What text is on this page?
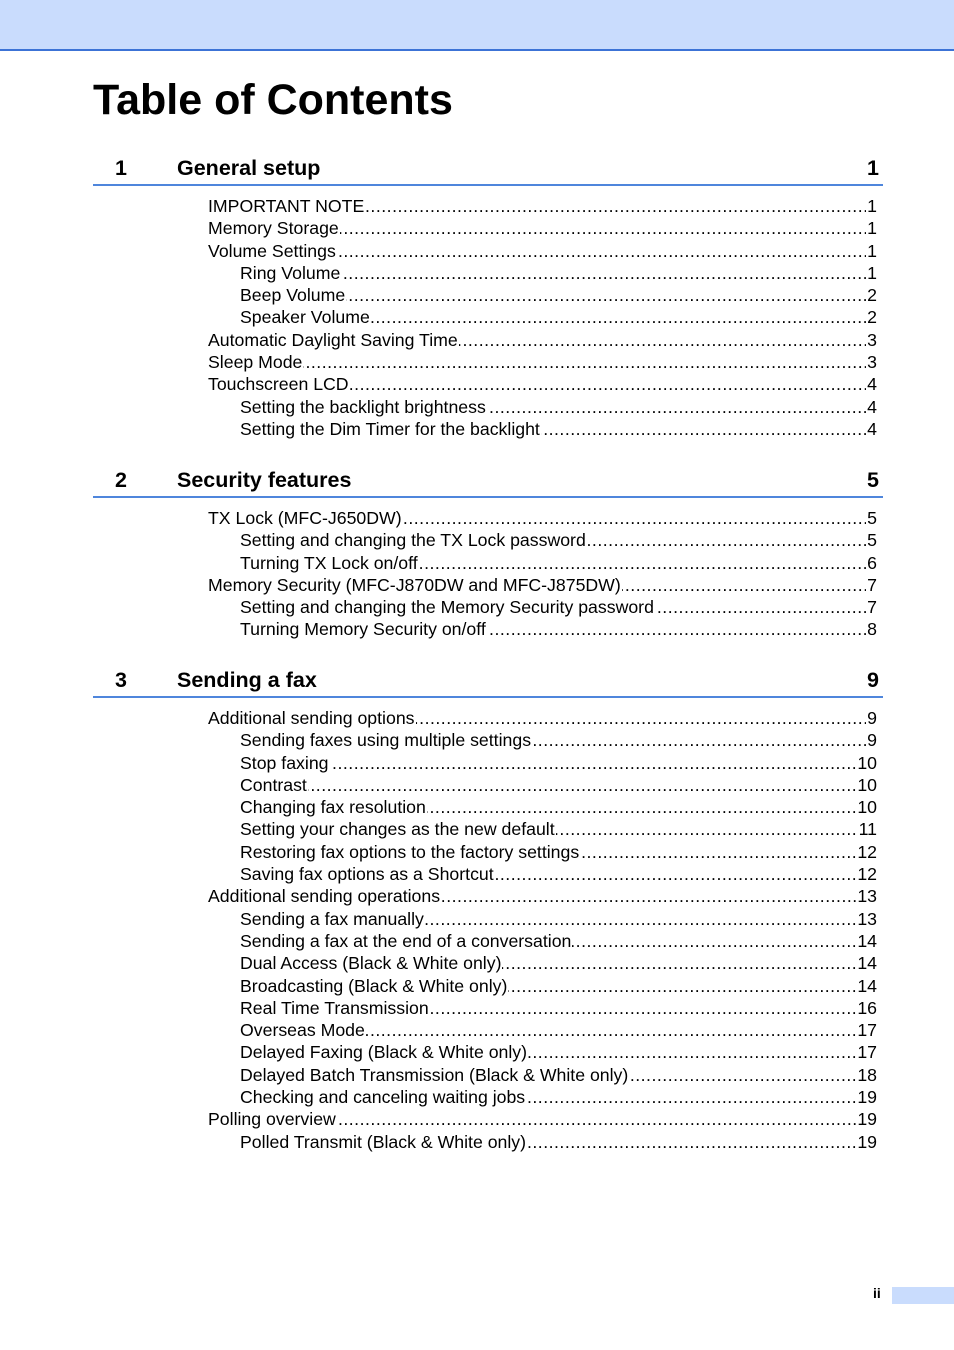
Table of Contents
1 General setup	1
.....
IMPORTANT NOTE	1
.....
Memory Storage	1
.....
Volume Settings	1
.....
Ring Volume	1
.....
Beep Volume	2
.....
Speaker Volume	2
.....
Automatic Daylight Saving Time	3
.....
Sleep Mode	3
.....
Touchscreen LCD	4
.....
Setting the backlight brightness	4
.....
Setting the Dim Timer for the backlight	4
2 Security features	5
.....
TX Lock (MFC-J650DW)	5
.....
Setting and changing the TX Lock password	5
.....
Turning TX Lock on/off	6
.....
Memory Security (MFC-J870DW and MFC-J875DW)	7
.....
Setting and changing the Memory Security password	7
.....
Turning Memory Security on/off	8
3 Sending a fax	9
.....
Additional sending options	9
.....
Sending faxes using multiple settings	9
.....
Stop faxing	10
.....
Contrast	10
.....
Changing fax resolution	10
.....
Setting your changes as the new default	11
.....
Restoring fax options to the factory settings	12
.....
Saving fax options as a Shortcut	12
.....
Additional sending operations	13
.....
Sending a fax manually	13
.....
Sending a fax at the end of a conversation	14
.....
Dual Access (Black & White only)	14
.....
Broadcasting (Black & White only)	14
.....
Real Time Transmission	16
.....
Overseas Mode	17
.....
Delayed Faxing (Black & White only)	17
.....
Delayed Batch Transmission (Black & White only)	18
.....
Checking and canceling waiting jobs	19
.....
Polling overview	19
.....
Polled Transmit (Black & White only)	19
ii
